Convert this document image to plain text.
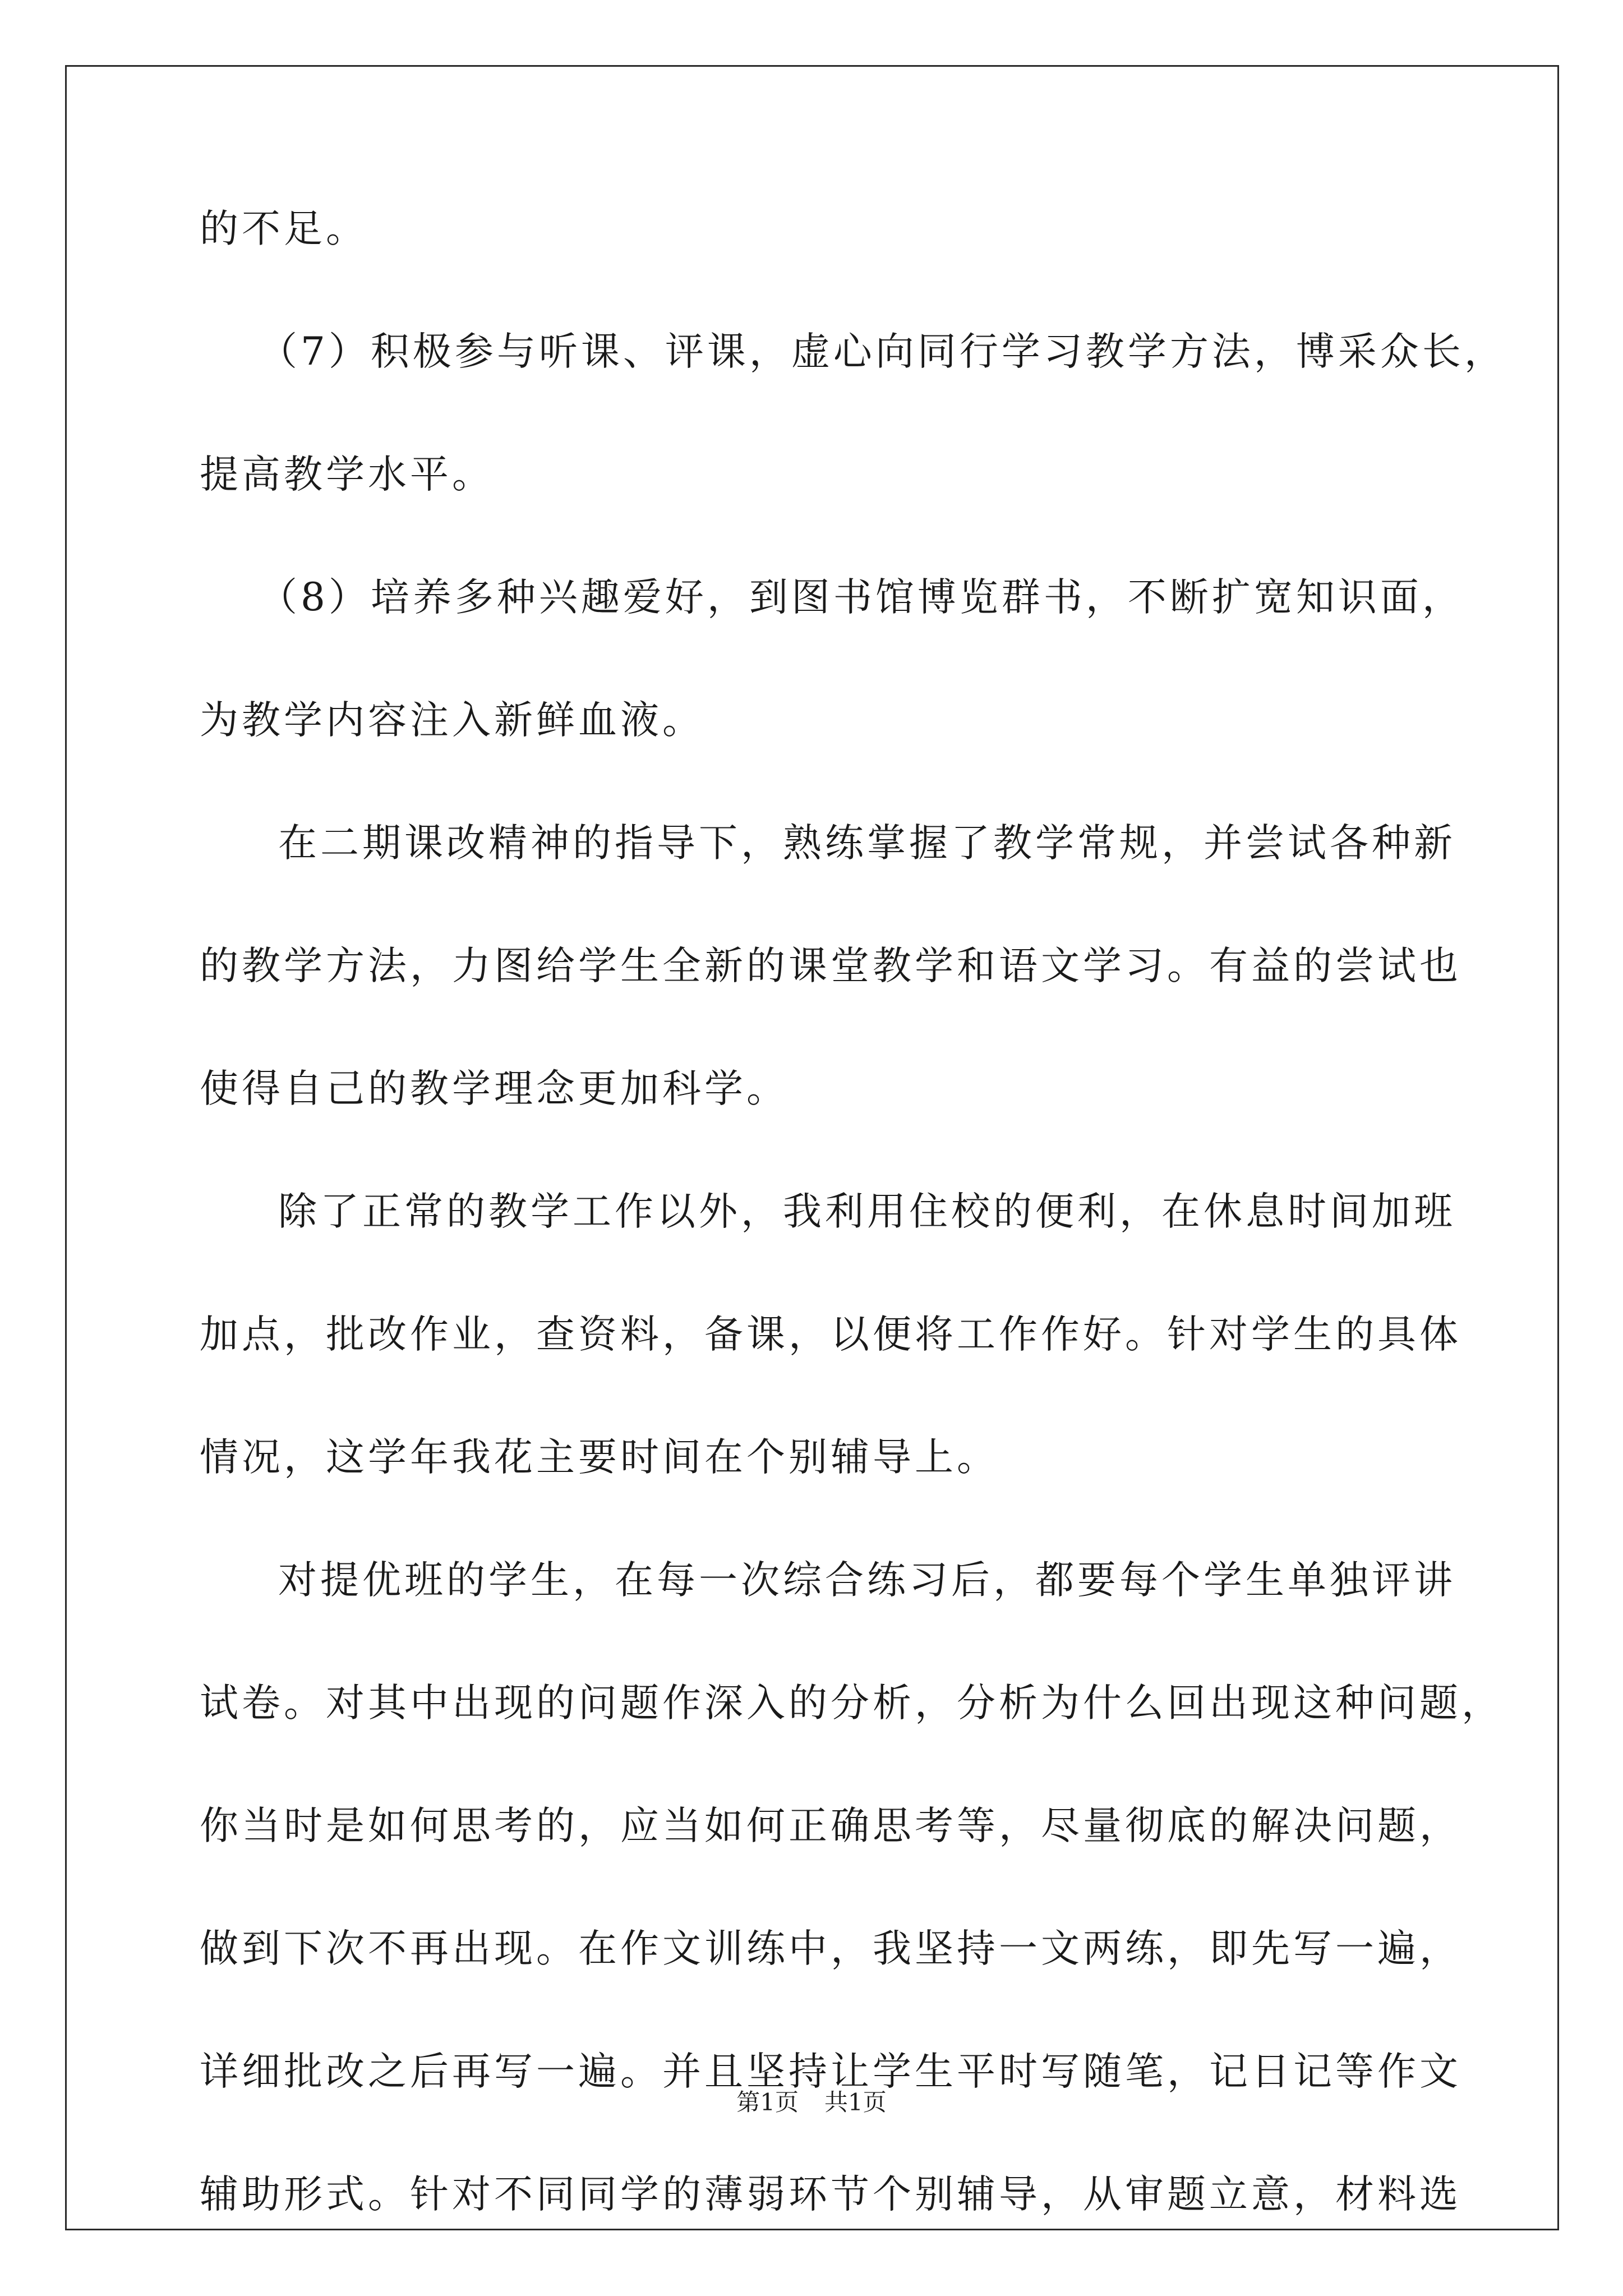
的不足。
（7）积极参与听课、评课，虚心向同行学习教学方法，博采众长，
提高教学水平。
（8）培养多种兴趣爱好，到图书馆博览群书，不断扩宽知识面，
为教学内容注入新鲜血液。
在二期课改精神的指导下，熟练掌握了教学常规，并尝试各种新
的教学方法，力图给学生全新的课堂教学和语文学习。有益的尝试也
使得自己的教学理念更加科学。
除了正常的教学工作以外，我利用住校的便利，在休息时间加班
加点，批改作业，查资料，备课，以便将工作作好。针对学生的具体
情况，这学年我花主要时间在个别辅导上。
对提优班的学生，在每一次综合练习后，都要每个学生单独评讲
试卷。对其中出现的问题作深入的分析，分析为什么回出现这种问题，
你当时是如何思考的，应当如何正确思考等，尽量彻底的解决问题，
做到下次不再出现。在作文训练中，我坚持一文两练，即先写一遍，
详细批改之后再写一遍。并且坚持让学生平时写随笔，记日记等作文
辅助形式。针对不同同学的薄弱环节个别辅导，从审题立意，材料选
第1页 共1页
